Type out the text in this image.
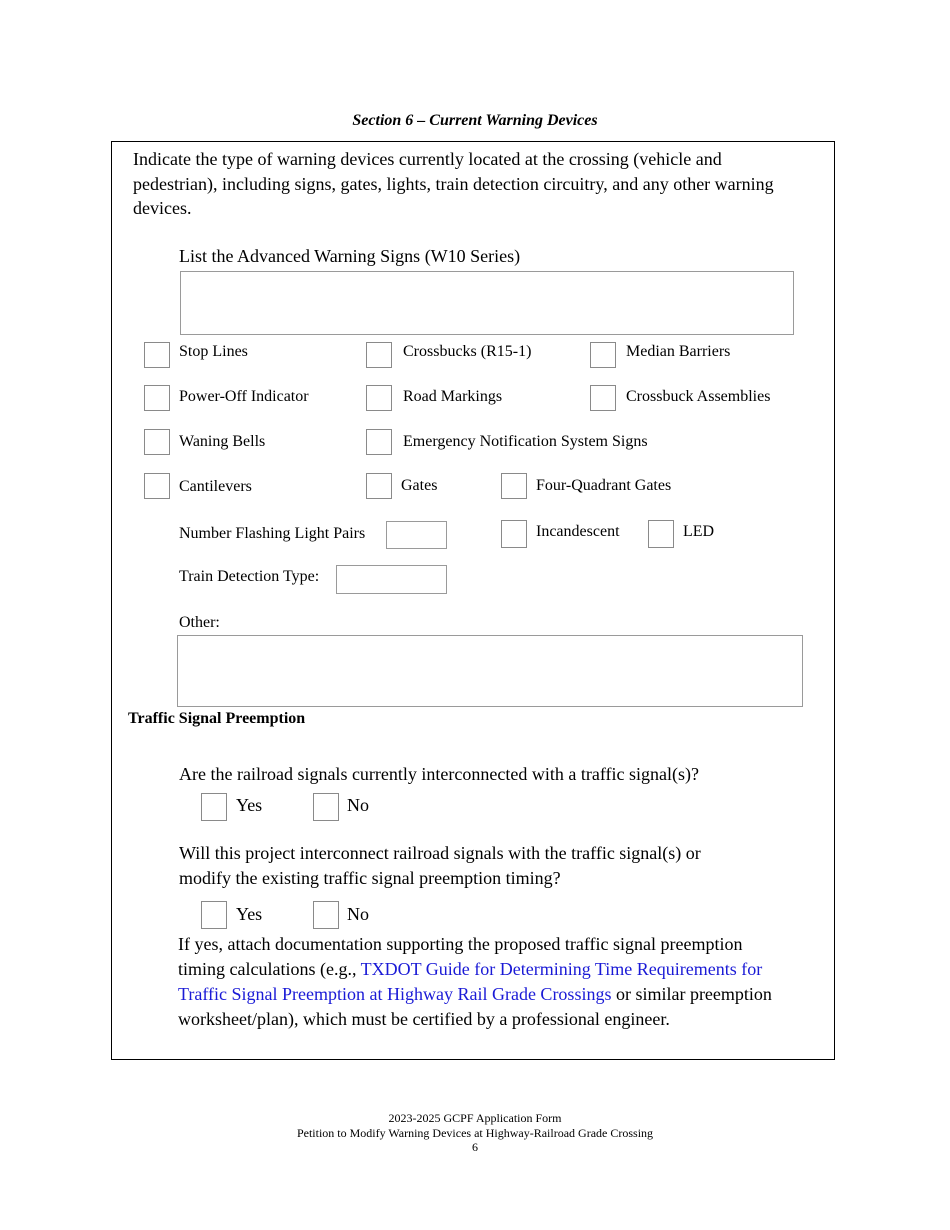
Section 6 – Current Warning Devices
Indicate the type of warning devices currently located at the crossing (vehicle and pedestrian), including signs, gates, lights, train detection circuitry, and any other warning devices.
List the Advanced Warning Signs (W10 Series)
Stop Lines	Crossbucks (R15-1)	Median Barriers
Power-Off Indicator	Road Markings	Crossbuck Assemblies
Waning Bells	Emergency Notification System Signs
Cantilevers	Gates	Four-Quadrant Gates
Number Flashing Light Pairs	Incandescent	LED
Train Detection Type:
Other:
Traffic Signal Preemption
Are the railroad signals currently interconnected with a traffic signal(s)?
Yes	No
Will this project interconnect railroad signals with the traffic signal(s) or modify the existing traffic signal preemption timing?
Yes	No
If yes, attach documentation supporting the proposed traffic signal preemption timing calculations (e.g., TXDOT Guide for Determining Time Requirements for Traffic Signal Preemption at Highway Rail Grade Crossings or similar preemption worksheet/plan), which must be certified by a professional engineer.
2023-2025 GCPF Application Form
Petition to Modify Warning Devices at Highway-Railroad Grade Crossing
6
